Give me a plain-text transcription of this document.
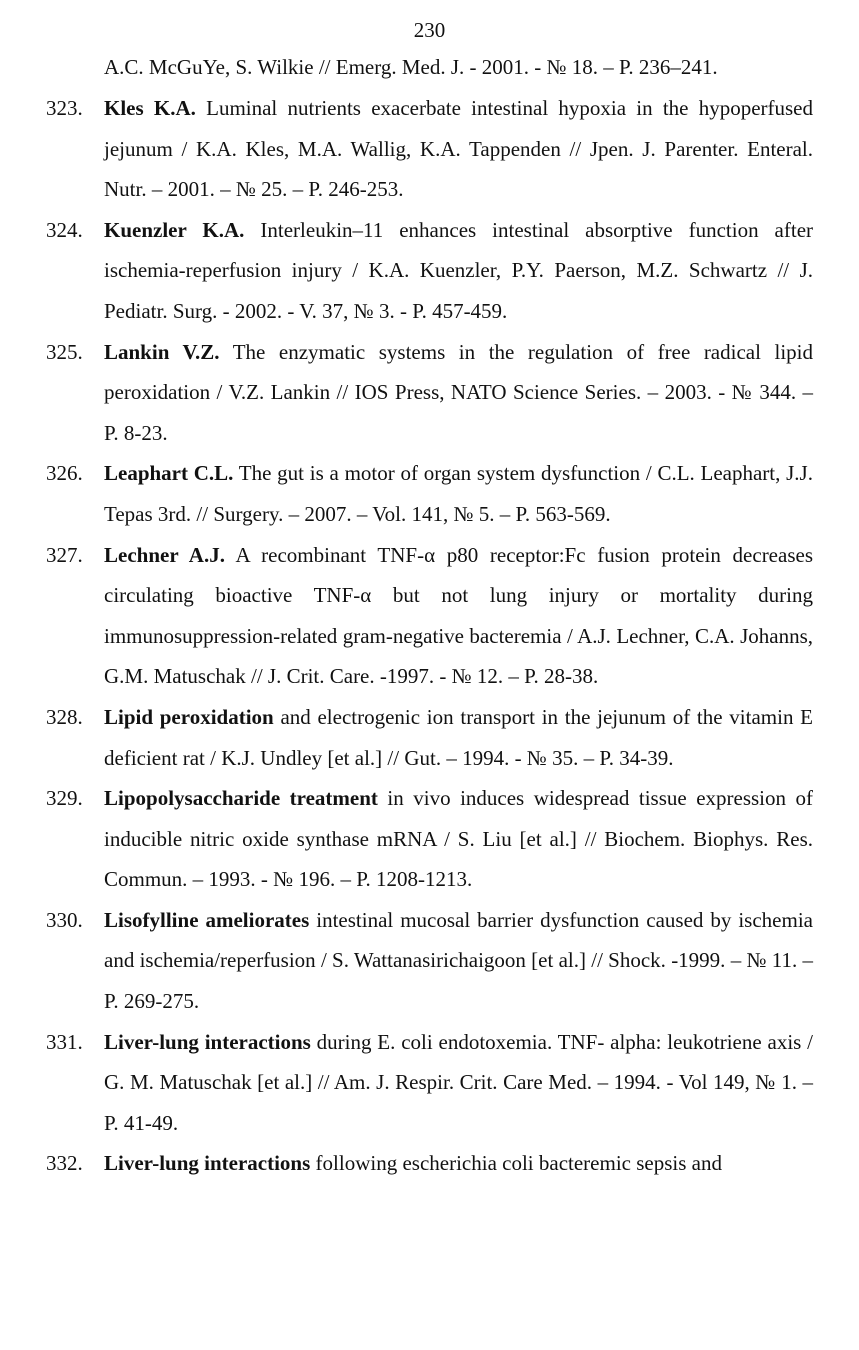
230
A.C. McGuYe, S. Wilkie // Emerg. Med. J. - 2001. - № 18. – P. 236–241.
323.	Kles K.A. Luminal nutrients exacerbate intestinal hypoxia in the hypoperfused jejunum / K.A. Kles, M.A. Wallig, K.A. Tappenden // Jpen. J. Parenter. Enteral. Nutr. – 2001. – № 25. – P. 246-253.
324.	Kuenzler K.A. Interleukin–11 enhances intestinal absorptive function after ischemia-reperfusion injury / K.A. Kuenzler, P.Y. Paerson, M.Z. Schwartz // J. Pediatr. Surg. - 2002. - V. 37, № 3. - P. 457-459.
325.	Lankin V.Z. The enzymatic systems in the regulation of free radical lipid peroxidation / V.Z. Lankin // IOS Press, NATO Science Series. – 2003. - № 344. – P. 8-23.
326.	Leaphart C.L. The gut is a motor of organ system dysfunction / C.L. Leaphart, J.J. Tepas 3rd. // Surgery. – 2007. – Vol. 141, № 5. – P. 563-569.
327.	Lechner A.J. A recombinant TNF-α p80 receptor:Fc fusion protein decreases circulating bioactive TNF-α but not lung injury or mortality during immunosuppression-related gram-negative bacteremia / A.J. Lechner, C.A. Johanns, G.M. Matuschak // J. Crit. Care. -1997. - № 12. – P. 28-38.
328.	Lipid peroxidation and electrogenic ion transport in the jejunum of the vitamin E deficient rat / K.J. Undley [et al.] // Gut. – 1994. - № 35. – P. 34-39.
329.	Lipopolysaccharide treatment in vivo induces widespread tissue expression of inducible nitric oxide synthase mRNA / S. Liu [et al.] // Biochem. Biophys. Res. Commun. – 1993. - № 196. – P. 1208-1213.
330.	Lisofylline ameliorates intestinal mucosal barrier dysfunction caused by ischemia and ischemia/reperfusion / S. Wattanasirichaigoon [et al.] // Shock. -1999. – № 11. – P. 269-275.
331.	Liver-lung interactions during E. coli endotoxemia. TNF- alpha: leukotriene axis / G. M. Matuschak [et al.] // Am. J. Respir. Crit. Care Med. – 1994. - Vol 149, № 1. – P. 41-49.
332.	Liver-lung interactions following escherichia coli bacteremic sepsis and
